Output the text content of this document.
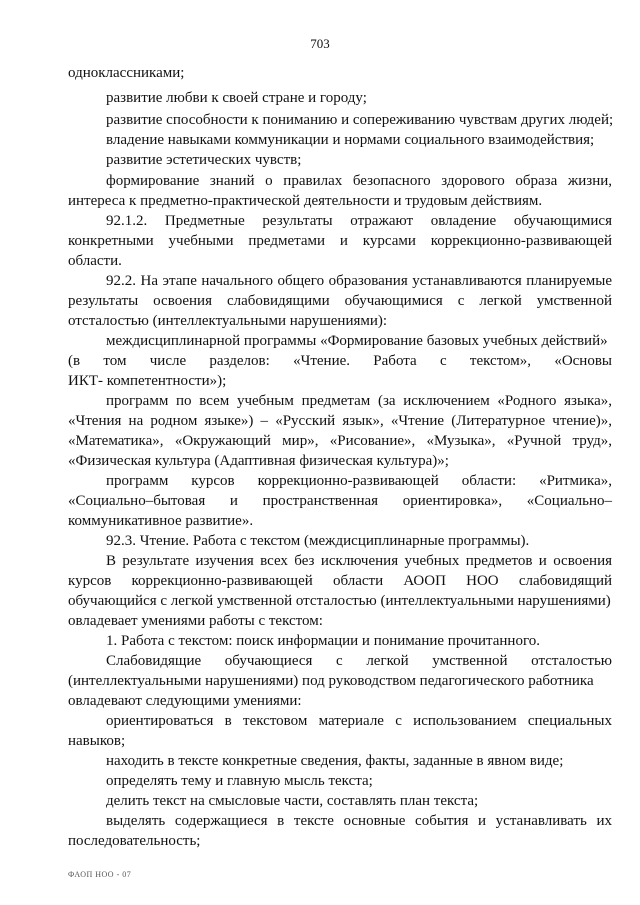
703
одноклассниками;
развитие любви к своей стране и городу;
развитие способности к пониманию и сопереживанию чувствам других людей;
владение навыками коммуникации и нормами социального взаимодействия;
развитие эстетических чувств;
формирование знаний о правилах безопасного здорового образа жизни,
интереса к предметно-практической деятельности и трудовым действиям.
92.1.2. Предметные результаты отражают овладение обучающимися
конкретными учебными предметами и курсами коррекционно-развивающей
области.
92.2. На этапе начального общего образования устанавливаются планируемые
результаты освоения слабовидящими обучающимися с легкой умственной
отсталостью (интеллектуальными нарушениями):
междисциплинарной программы «Формирование базовых учебных действий»
(в том числе разделов: «Чтение. Работа с текстом», «Основы
ИКТ- компетентности»);
программ по всем учебным предметам (за исключением «Родного языка»,
«Чтения на родном языке») – «Русский язык», «Чтение (Литературное чтение)»,
«Математика», «Окружающий мир», «Рисование», «Музыка», «Ручной труд»,
«Физическая культура (Адаптивная физическая культура)»;
программ курсов коррекционно-развивающей области: «Ритмика»,
«Социально–бытовая и пространственная ориентировка», «Социально–
коммуникативное развитие».
92.3. Чтение. Работа с текстом (междисциплинарные программы).
В результате изучения всех без исключения учебных предметов и освоения
курсов коррекционно-развивающей области АООП НОО слабовидящий
обучающийся с легкой умственной отсталостью (интеллектуальными нарушениями)
овладевает умениями работы с текстом:
1. Работа с текстом: поиск информации и понимание прочитанного.
Слабовидящие обучающиеся с легкой умственной отсталостью
(интеллектуальными нарушениями) под руководством педагогического работника
овладевают следующими умениями:
ориентироваться в текстовом материале с использованием специальных
навыков;
находить в тексте конкретные сведения, факты, заданные в явном виде;
определять тему и главную мысль текста;
делить текст на смысловые части, составлять план текста;
выделять содержащиеся в тексте основные события и устанавливать их
последовательность;
ФАОП НОО - 07
